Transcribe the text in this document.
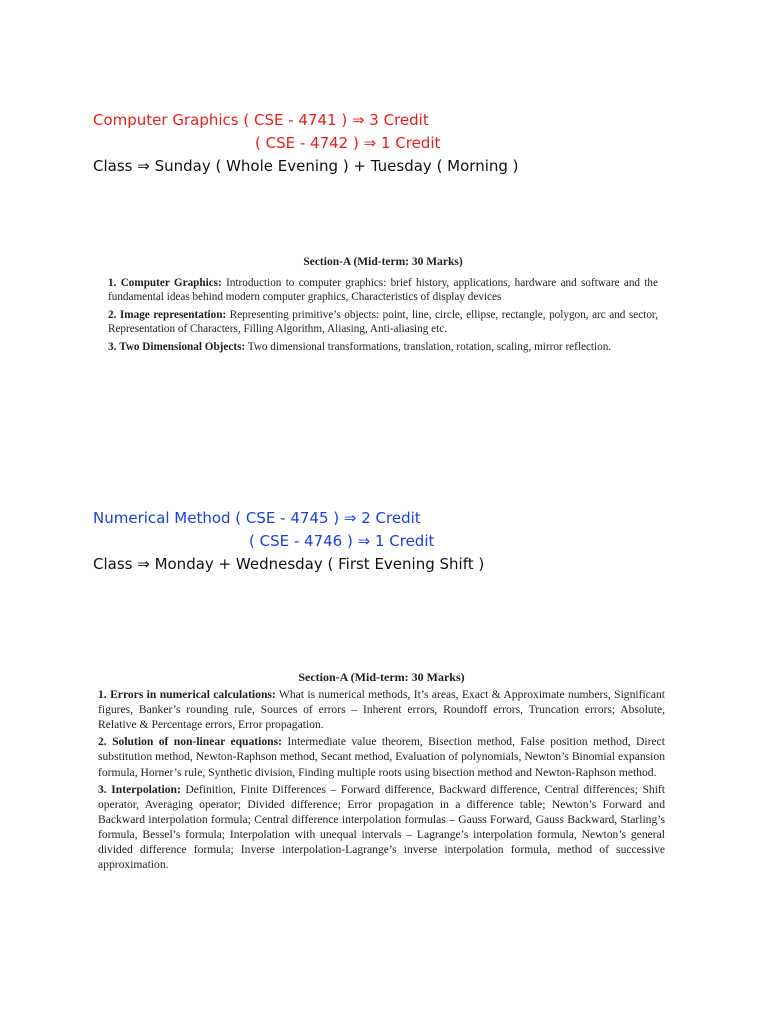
Computer Graphics ( CSE - 4741 ) ⇒ 3 Credit
( CSE - 4742 ) ⇒ 1 Credit
Class ⇒ Sunday ( Whole Evening ) + Tuesday ( Morning )
Section-A (Mid-term: 30 Marks)

1. Computer Graphics: Introduction to computer graphics: brief history, applications, hardware and software and the fundamental ideas behind modern computer graphics, Characteristics of display devices

2. Image representation: Representing primitive’s objects: point, line, circle, ellipse, rectangle, polygon, arc and sector, Representation of Characters, Filling Algorithm, Aliasing, Anti-aliasing etc.

3. Two Dimensional Objects: Two dimensional transformations, translation, rotation, scaling, mirror reflection.

Numerical Method ( CSE - 4745 ) ⇒ 2 Credit
( CSE - 4746 ) ⇒ 1 Credit
Class ⇒ Monday + Wednesday ( First Evening Shift )
Section-A (Mid-term: 30 Marks)

1. Errors in numerical calculations: What is numerical methods, It’s areas, Exact & Approximate numbers, Significant figures, Banker’s rounding rule, Sources of errors – Inherent errors, Roundoff errors, Truncation errors; Absolute, Relative & Percentage errors, Error propagation.

2. Solution of non-linear equations: Intermediate value theorem, Bisection method, False position method, Direct substitution method, Newton-Raphson method, Secant method, Evaluation of polynomials, Newton’s Binomial expansion formula, Horner’s rule, Synthetic division, Finding multiple roots using bisection method and Newton-Raphson method.

3. Interpolation: Definition, Finite Differences – Forward difference, Backward difference, Central differences; Shift operator, Averaging operator; Divided difference; Error propagation in a difference table; Newton’s Forward and Backward interpolation formula; Central difference interpolation formulas – Gauss Forward, Gauss Backward, Starling’s formula, Bessel’s formula; Interpolation with unequal intervals – Lagrange’s interpolation formula, Newton’s general divided difference formula; Inverse interpolation-Lagrange’s inverse interpolation formula, method of successive approximation.
